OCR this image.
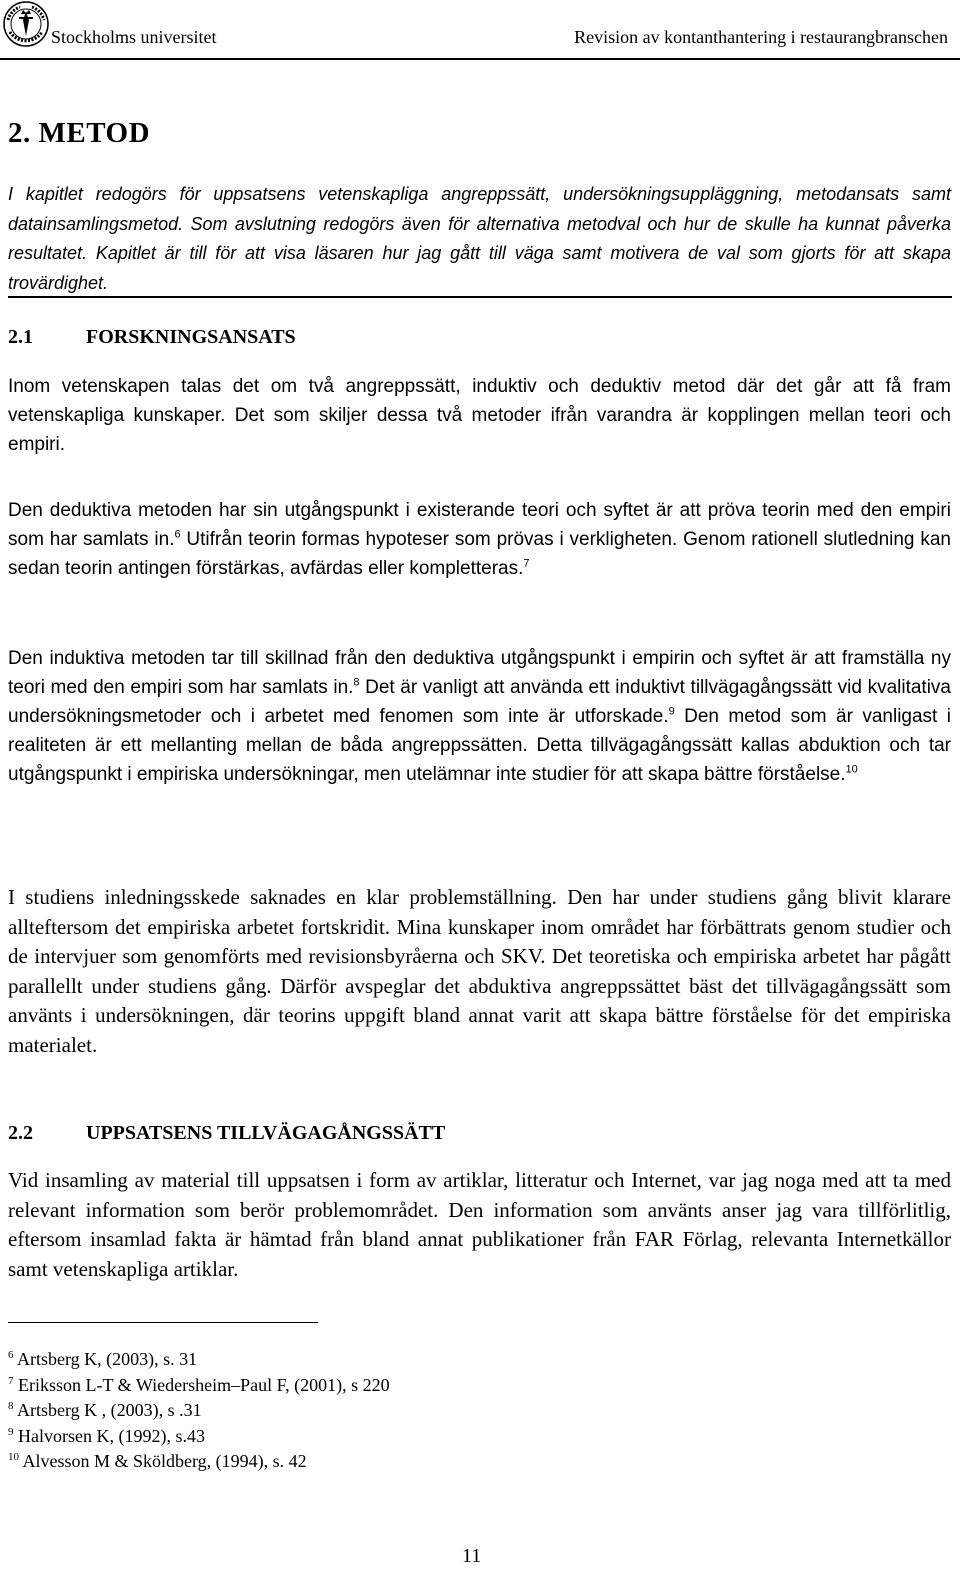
Stockholms universitet	Revision av kontanthantering i restaurangbranschen
2. METOD
I kapitlet redogörs för uppsatsens vetenskapliga angreppssätt, undersökningsuppläggning, metodansats samt datainsamlingsmetod. Som avslutning redogörs även för alternativa metodval och hur de skulle ha kunnat påverka resultatet. Kapitlet är till för att visa läsaren hur jag gått till väga samt motivera de val som gjorts för att skapa trovärdighet.
2.1	FORSKNINGSANSATS
Inom vetenskapen talas det om två angreppssätt, induktiv och deduktiv metod där det går att få fram vetenskapliga kunskaper. Det som skiljer dessa två metoder ifrån varandra är kopplingen mellan teori och empiri.
Den deduktiva metoden har sin utgångspunkt i existerande teori och syftet är att pröva teorin med den empiri som har samlats in.$^6$ Utifrån teorin formas hypoteser som prövas i verkligheten. Genom rationell slutledning kan sedan teorin antingen förstärkas, avfärdas eller kompletteras.$^7$
Den induktiva metoden tar till skillnad från den deduktiva utgångspunkt i empirin och syftet är att framställa ny teori med den empiri som har samlats in.$^8$ Det är vanligt att använda ett induktivt tillvägagångssätt vid kvalitativa undersökningsmetoder och i arbetet med fenomen som inte är utforskade.$^9$ Den metod som är vanligast i realiteten är ett mellanting mellan de båda angreppssätten. Detta tillvägagångssätt kallas abduktion och tar utgångspunkt i empiriska undersökningar, men utelämnar inte studier för att skapa bättre förståelse.$^{10}$
I studiens inledningsskede saknades en klar problemställning. Den har under studiens gång blivit klarare allteftersom det empiriska arbetet fortskridit. Mina kunskaper inom området har förbättrats genom studier och de intervjuer som genomförts med revisionsbyråerna och SKV. Det teoretiska och empiriska arbetet har pågått parallellt under studiens gång. Därför avspeglar det abduktiva angreppssättet bäst det tillvägagångssätt som använts i undersökningen, där teorins uppgift bland annat varit att skapa bättre förståelse för det empiriska materialet.
2.2	UPPSATSENS TILLVÄGAGÅNGSSÄTT
Vid insamling av material till uppsatsen i form av artiklar, litteratur och Internet, var jag noga med att ta med relevant information som berör problemområdet. Den information som använts anser jag vara tillförlitlig, eftersom insamlad fakta är hämtad från bland annat publikationer från FAR Förlag, relevanta Internetkällor samt vetenskapliga artiklar.
$^6$ Artsberg K, (2003), s. 31
$^7$ Eriksson L-T & Wiedersheim–Paul F, (2001), s 220
$^8$ Artsberg K , (2003), s .31
$^9$ Halvorsen K, (1992), s.43
$^{10}$ Alvesson M & Sköldberg, (1994), s. 42
11
